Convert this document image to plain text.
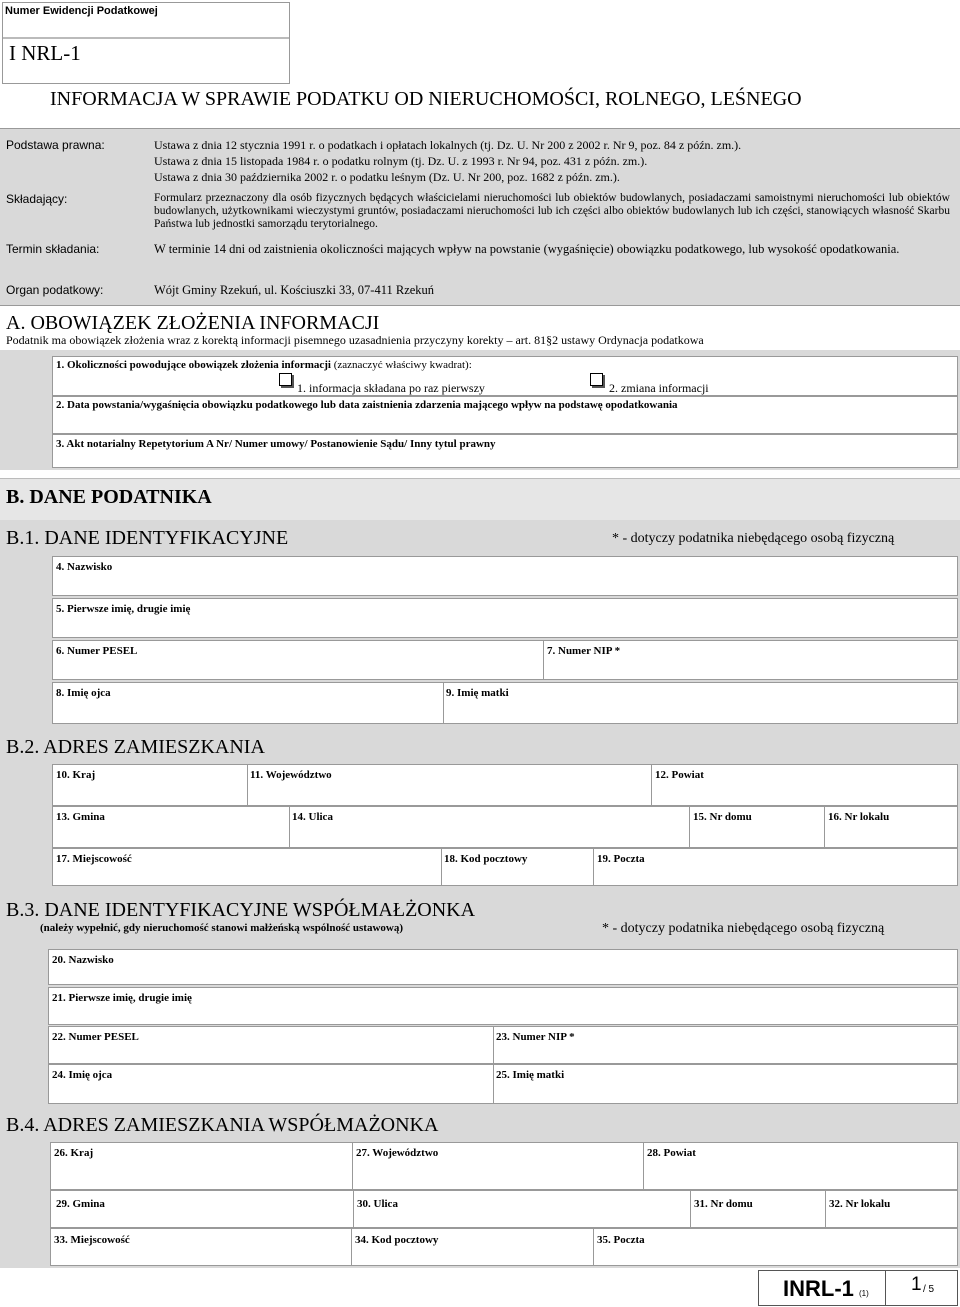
Numer Ewidencji Podatkowej
I NRL-1
INFORMACJA W SPRAWIE PODATKU OD NIERUCHOMOŚCI, ROLNEGO, LEŚNEGO
Podstawa prawna:	Ustawa z dnia 12 stycznia 1991 r. o podatkach i opłatach lokalnych (tj. Dz. U. Nr 200 z 2002 r. Nr 9, poz. 84 z późn. zm.).
Ustawa z dnia 15 listopada 1984 r. o podatku rolnym (tj. Dz. U. z 1993 r. Nr 94, poz. 431 z późn. zm.).
Ustawa z dnia 30 października 2002 r. o podatku leśnym (Dz. U. Nr 200, poz. 1682 z późn. zm.).
Składający:	Formularz przeznaczony dla osób fizycznych będących właścicielami nieruchomości lub obiektów budowlanych, posiadaczami samoistnymi nieruchomości lub obiektów budowlanych, użytkownikami wieczystymi gruntów, posiadaczami nieruchomości lub ich części albo obiektów budowlanych lub ich części, stanowiących własność Skarbu Państwa lub jednostki samorządu terytorialnego.
Termin składania:	W terminie 14 dni od zaistnienia okoliczności mających wpływ na powstanie (wygaśnięcie) obowiązku podatkowego, lub wysokość opodatkowania.
Organ podatkowy:	Wójt Gminy Rzekuń, ul. Kościuszki 33, 07-411 Rzekuń
A. OBOWIĄZEK ZŁOŻENIA INFORMACJI
Podatnik ma obowiązek złożenia wraz z korektą informacji pisemnego uzasadnienia przyczyny korekty – art. 81§2 ustawy Ordynacja podatkowa
1. Okoliczności powodujące obowiązek złożenia informacji (zaznaczyć właściwy kwadrat):
1. informacja składana po raz pierwszy	2. zmiana informacji
2. Data powstania/wygaśnięcia obowiązku podatkowego lub data zaistnienia zdarzenia mającego wpływ na podstawę opodatkowania
3. Akt notarialny Repetytorium A Nr/ Numer umowy/ Postanowienie Sądu/ Inny tytul prawny
B. DANE PODATNIKA
B.1. DANE IDENTYFIKACYJNE	* - dotyczy podatnika niebędącego osobą fizyczną
4. Nazwisko
5. Pierwsze imię, drugie imię
6. Numer PESEL	7. Numer NIP *
8. Imię ojca	9. Imię matki
B.2. ADRES ZAMIESZKANIA
10. Kraj	11. Województwo	12. Powiat
13. Gmina	14. Ulica	15. Nr domu	16. Nr lokalu
17. Miejscowość	18. Kod pocztowy	19. Poczta
B.3. DANE IDENTYFIKACYJNE WSPÓŁMAŁŻONKA
(należy wypełnić, gdy nieruchomość stanowi małżeńską wspólność ustawową)	* - dotyczy podatnika niebędącego osobą fizyczną
20. Nazwisko
21. Pierwsze imię, drugie imię
22. Numer PESEL	23. Numer NIP *
24. Imię ojca	25. Imię matki
B.4. ADRES ZAMIESZKANIA WSPÓŁMAŻONKA
26. Kraj	27. Województwo	28. Powiat
29. Gmina	30. Ulica	31. Nr domu	32. Nr lokalu
33. Miejscowość	34. Kod pocztowy	35. Poczta
INRL-1 (1) 1 / 5
